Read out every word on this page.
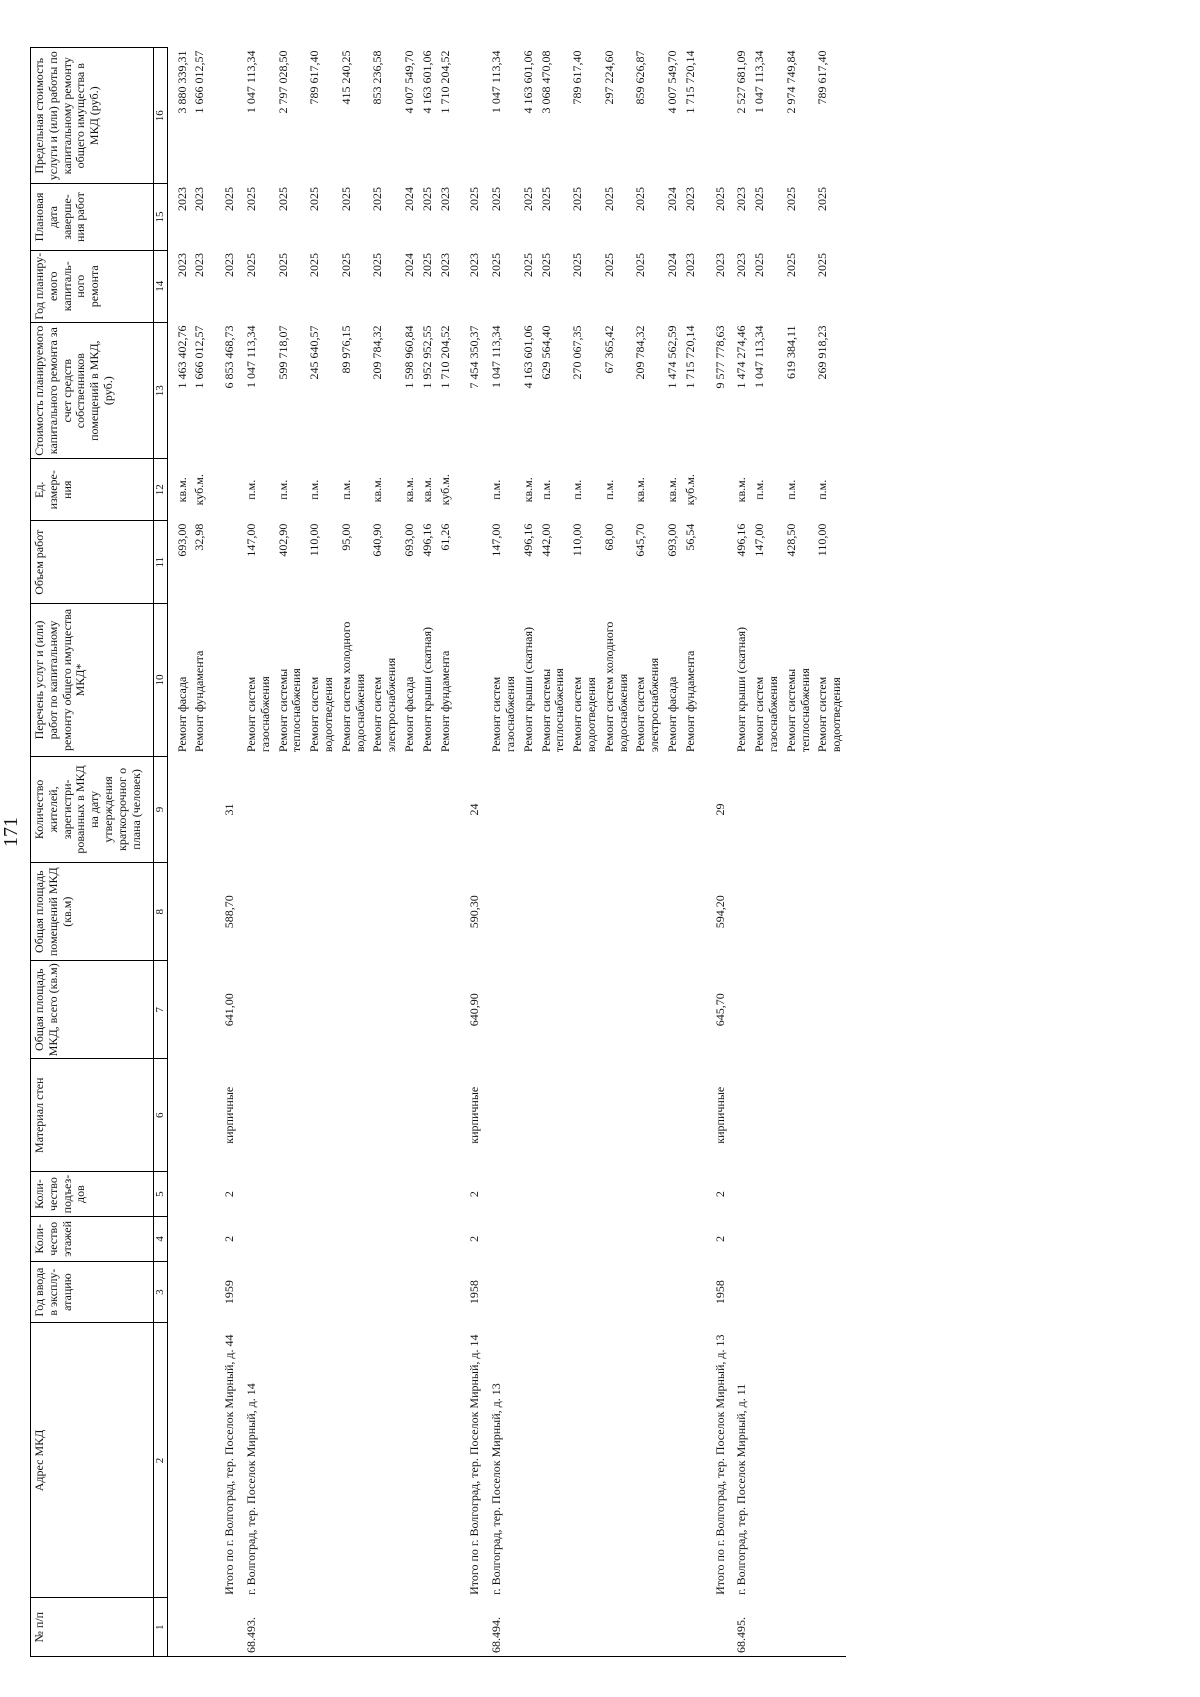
171
№ п/п	Адрес МКД	Год ввода в эксплу-атацию	Коли-чество этажей	Коли-чество подъез-дов	Материал стен	Общая площадь МКД, всего (кв.м)	Общая площадь помещений МКД (кв.м)	Количество жителей, зарегистри-рованных в МКД на дату утверждения краткосрочног о плана (человек)	Перечень услуг и (или) работ по капитальному ремонту общего имущества МКД*	Объем работ	Ед. измере-ния	Стоимость планируемого капитального ремонта за счет средств собственников помещений в МКД, (руб.)	Год планиру-емого капиталь-ного ремонта	Плановая дата заверше-ния работ	Предельная стоимость услуги и (или) работы по капитальному ремонту общего имущества в МКД (руб.)
1	2	3	4	5	6	7	8	9	10	11	12	13	14	15	16
									Ремонт фасада	693,00	кв.м.	1 463 402,76	2023	2023	3 880 339,31
									Ремонт фундамента	32,98	куб.м.	1 666 012,57	2023	2023	1 666 012,57
	Итого по г. Волгоград, тер. Поселок Мирный, д. 44	1959	2	2	кирпичные	641,00	588,70	31				6 853 468,73	2023	2025	
68.493.	г. Волгоград, тер. Поселок Мирный, д. 14								Ремонт систем газоснабжения	147,00	п.м.	1 047 113,34	2025	2025	1 047 113,34
									Ремонт системы теплоснабжения	402,90	п.м.	599 718,07	2025	2025	2 797 028,50
									Ремонт систем водоотведения	110,00	п.м.	245 640,57	2025	2025	789 617,40
									Ремонт систем холодного водоснабжения	95,00	п.м.	89 976,15	2025	2025	415 240,25
									Ремонт систем электроснабжения	640,90	кв.м.	209 784,32	2025	2025	853 236,58
									Ремонт фасада	693,00	кв.м.	1 598 960,84	2024	2024	4 007 549,70
									Ремонт крыши (скатная)	496,16	кв.м.	1 952 952,55	2025	2025	4 163 601,06
									Ремонт фундамента	61,26	куб.м.	1 710 204,52	2023	2023	1 710 204,52
	Итого по г. Волгоград, тер. Поселок Мирный, д. 14	1958	2	2	кирпичные	640,90	590,30	24				7 454 350,37	2023	2025	
68.494.	г. Волгоград, тер. Поселок Мирный, д. 13								Ремонт систем газоснабжения	147,00	п.м.	1 047 113,34	2025	2025	1 047 113,34
									Ремонт крыши (скатная)	496,16	кв.м.	4 163 601,06	2025	2025	4 163 601,06
									Ремонт системы теплоснабжения	442,00	п.м.	629 564,40	2025	2025	3 068 470,08
									Ремонт систем водоотведения	110,00	п.м.	270 067,35	2025	2025	789 617,40
									Ремонт систем холодного водоснабжения	68,00	п.м.	67 365,42	2025	2025	297 224,60
									Ремонт систем электроснабжения	645,70	кв.м.	209 784,32	2025	2025	859 626,87
									Ремонт фасада	693,00	кв.м.	1 474 562,59	2024	2024	4 007 549,70
									Ремонт фундамента	56,54	куб.м.	1 715 720,14	2023	2023	1 715 720,14
	Итого по г. Волгоград, тер. Поселок Мирный, д. 13	1958	2	2	кирпичные	645,70	594,20	29				9 577 778,63	2023	2025	
68.495.	г. Волгоград, тер. Поселок Мирный, д. 11								Ремонт крыши (скатная)	496,16	кв.м.	1 474 274,46	2023	2023	2 527 681,09
									Ремонт систем газоснабжения	147,00	п.м.	1 047 113,34	2025	2025	1 047 113,34
									Ремонт системы теплоснабжения	428,50	п.м.	619 384,11	2025	2025	2 974 749,84
									Ремонт систем водоотведения	110,00	п.м.	269 918,23	2025	2025	789 617,40
